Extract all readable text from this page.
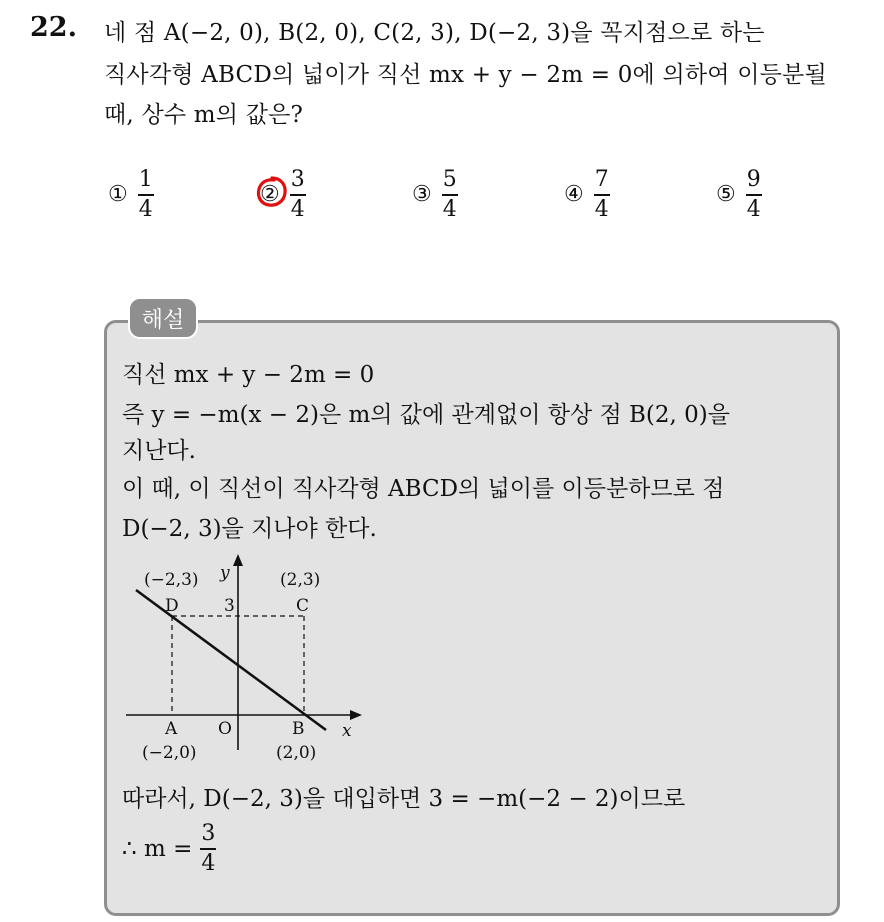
22. 네 점 A(−2, 0), B(2, 0), C(2, 3), D(−2, 3)을 꼭지점으로 하는
직사각형 ABCD의 넓이가 직선 mx + y − 2m = 0에 의하여 이등분될
때, 상수 m의 값은?
① $\frac{1}{4}$	② $\frac{3}{4}$	③ $\frac{5}{4}$	④ $\frac{7}{4}$	⑤ $\frac{9}{4}$
해설
직선 mx + y − 2m = 0
즉 y = −m(x − 2)은 m의 값에 관계없이 항상 점 B(2, 0)을
지난다.
이 때, 이 직선이 직사각형 ABCD의 넓이를 이등분하므로 점
D(−2, 3)을 지나야 한다.
y
x
(−2,3)
D
(2,3)
C
3
A O	B
(−2,0)	(2,0)
따라서, D(−2, 3)을 대입하면 3 = −m(−2 − 2)이므로
∴ $m = \frac{3}{4}$
